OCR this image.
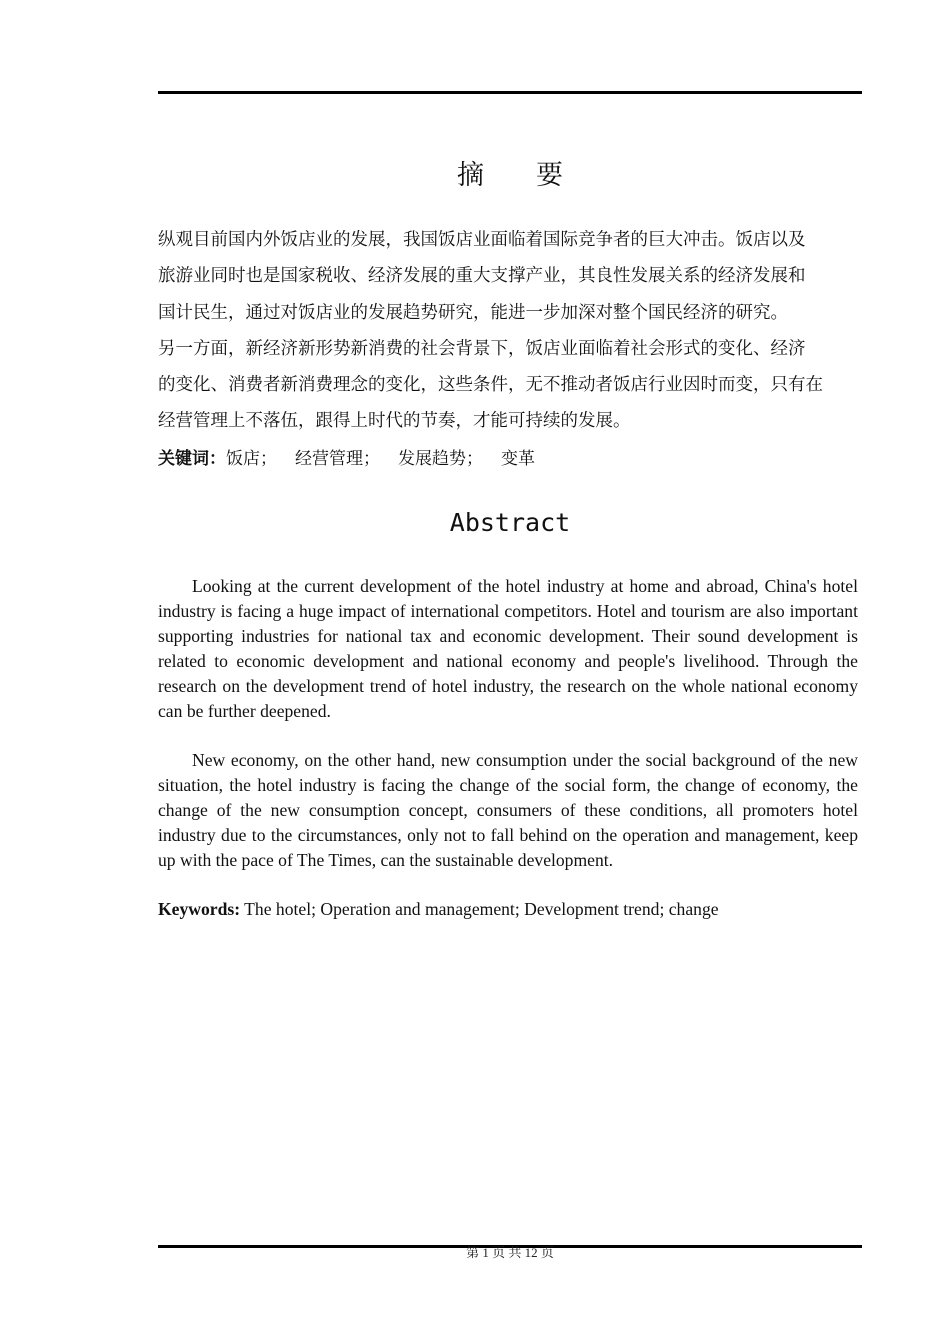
摘 要

纵观目前国内外饭店业的发展，我国饭店业面临着国际竞争者的巨大冲击。饭店以及

旅游业同时也是国家税收、经济发展的重大支撑产业，其良性发展关系的经济发展和

国计民生，通过对饭店业的发展趋势研究，能进一步加深对整个国民经济的研究。

另一方面，新经济新形势新消费的社会背景下，饭店业面临着社会形式的变化、经济

的变化、消费者新消费理念的变化，这些条件，无不推动者饭店行业因时而变，只有在

经营管理上不落伍，跟得上时代的节奏，才能可持续的发展。

关键词：饭店； 经营管理； 发展趋势； 变革
Abstract

Looking at the current development of the hotel industry at home and abroad, China's hotel industry is facing a huge impact of international competitors. Hotel and tourism are also important supporting industries for national tax and economic development. Their sound development is related to economic development and national economy and people's livelihood. Through the research on the development trend of hotel industry, the research on the whole national economy can be further deepened.

New economy, on the other hand, new consumption under the social background of the new situation, the hotel industry is facing the change of the social form, the change of economy, the change of the new consumption concept, consumers of these conditions, all promoters hotel industry due to the circumstances, only not to fall behind on the operation and management, keep up with the pace of The Times, can the sustainable development.

Keywords: The hotel; Operation and management; Development trend; change
第 1 页 共 12 页
